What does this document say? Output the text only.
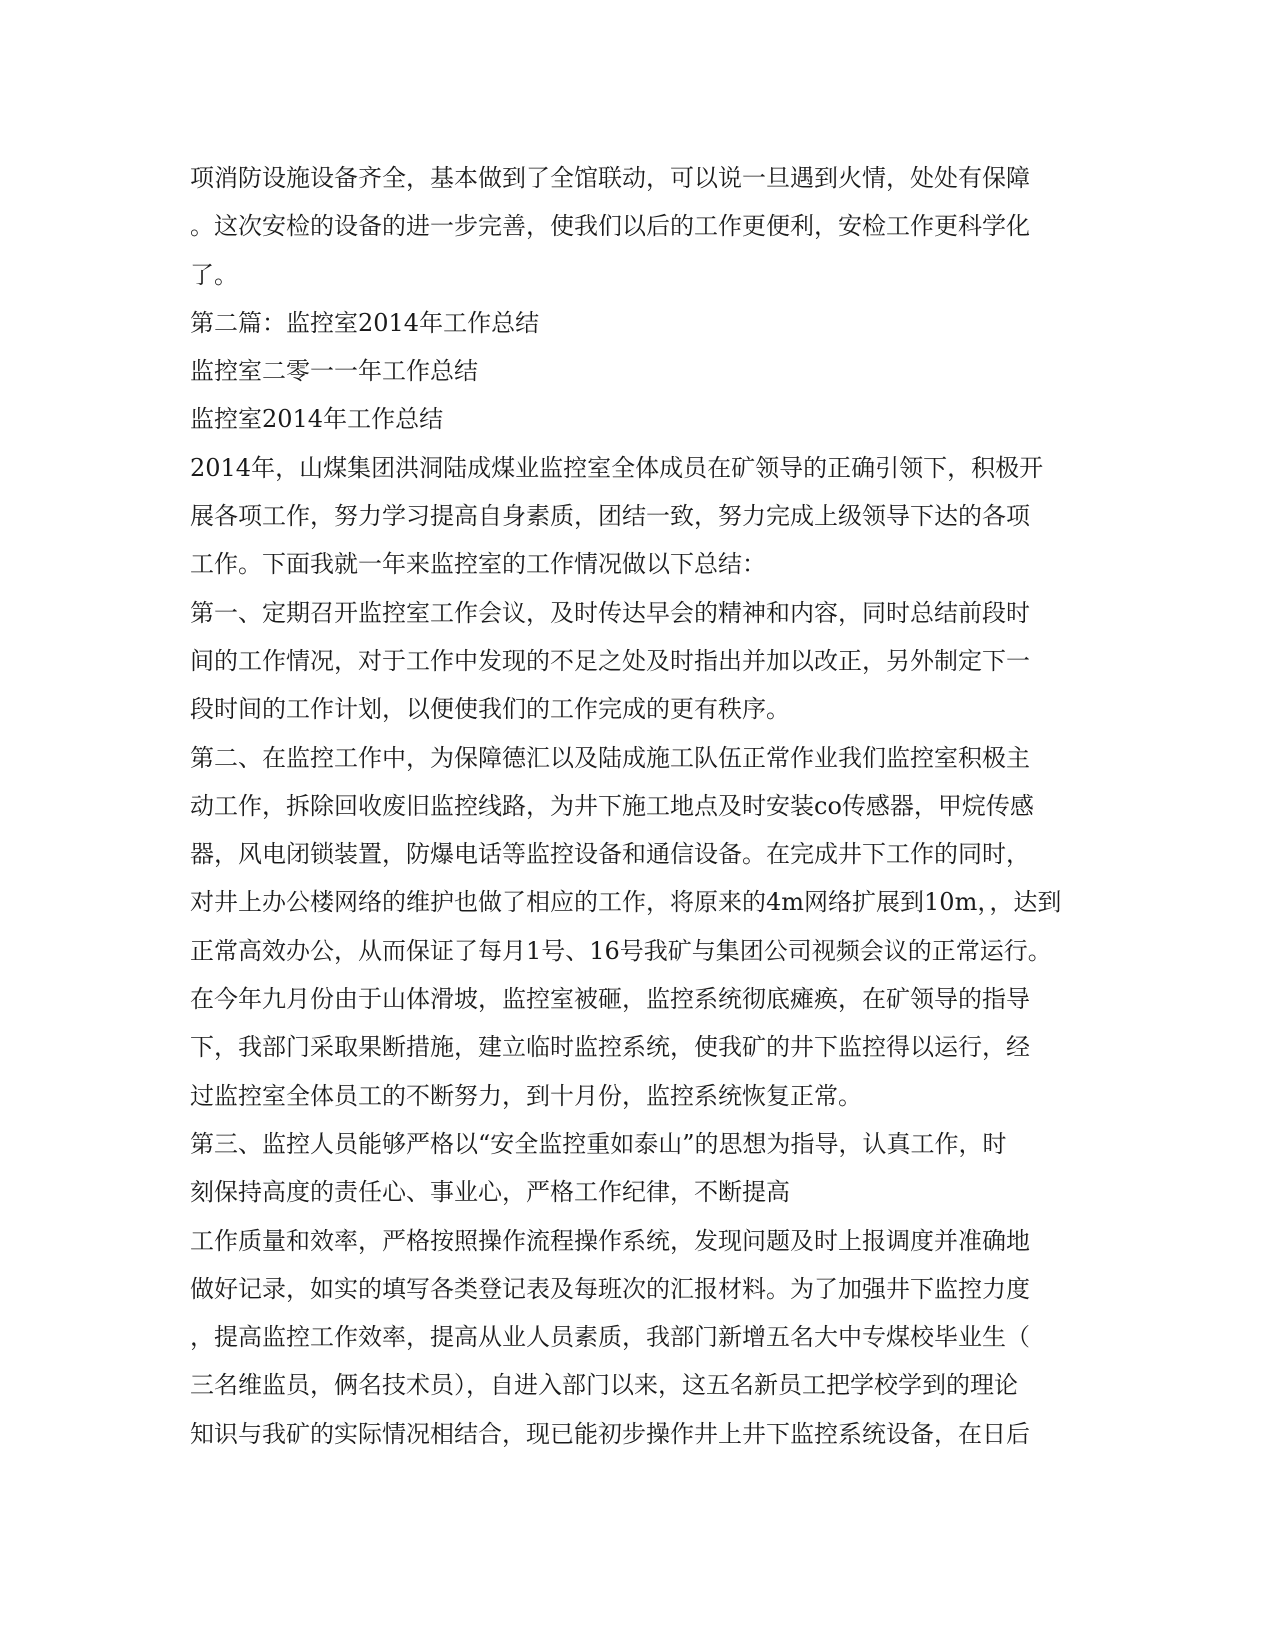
项消防设施设备齐全，基本做到了全馆联动，可以说一旦遇到火情，处处有保障
。这次安检的设备的进一步完善，使我们以后的工作更便利，安检工作更科学化
了。
第二篇：监控室2014年工作总结
监控室二零一一年工作总结
监控室2014年工作总结
2014年，山煤集团洪洞陆成煤业监控室全体成员在矿领导的正确引领下，积极开
展各项工作，努力学习提高自身素质，团结一致，努力完成上级领导下达的各项
工作。下面我就一年来监控室的工作情况做以下总结：
第一、定期召开监控室工作会议，及时传达早会的精神和内容，同时总结前段时
间的工作情况，对于工作中发现的不足之处及时指出并加以改正，另外制定下一
段时间的工作计划，以便使我们的工作完成的更有秩序。
第二、在监控工作中，为保障德汇以及陆成施工队伍正常作业我们监控室积极主
动工作，拆除回收废旧监控线路，为井下施工地点及时安装co传感器，甲烷传感
器，风电闭锁装置，防爆电话等监控设备和通信设备。在完成井下工作的同时，
对井上办公楼网络的维护也做了相应的工作，将原来的4m网络扩展到10m，，达到
正常高效办公，从而保证了每月1号、16号我矿与集团公司视频会议的正常运行。
在今年九月份由于山体滑坡，监控室被砸，监控系统彻底瘫痪，在矿领导的指导
下，我部门采取果断措施，建立临时监控系统，使我矿的井下监控得以运行，经
过监控室全体员工的不断努力，到十月份，监控系统恢复正常。
第三、监控人员能够严格以“安全监控重如泰山”的思想为指导，认真工作，时
刻保持高度的责任心、事业心，严格工作纪律，不断提高
工作质量和效率，严格按照操作流程操作系统，发现问题及时上报调度并准确地
做好记录，如实的填写各类登记表及每班次的汇报材料。为了加强井下监控力度
，提高监控工作效率，提高从业人员素质，我部门新增五名大中专煤校毕业生（
三名维监员，俩名技术员），自进入部门以来，这五名新员工把学校学到的理论
知识与我矿的实际情况相结合，现已能初步操作井上井下监控系统设备，在日后
